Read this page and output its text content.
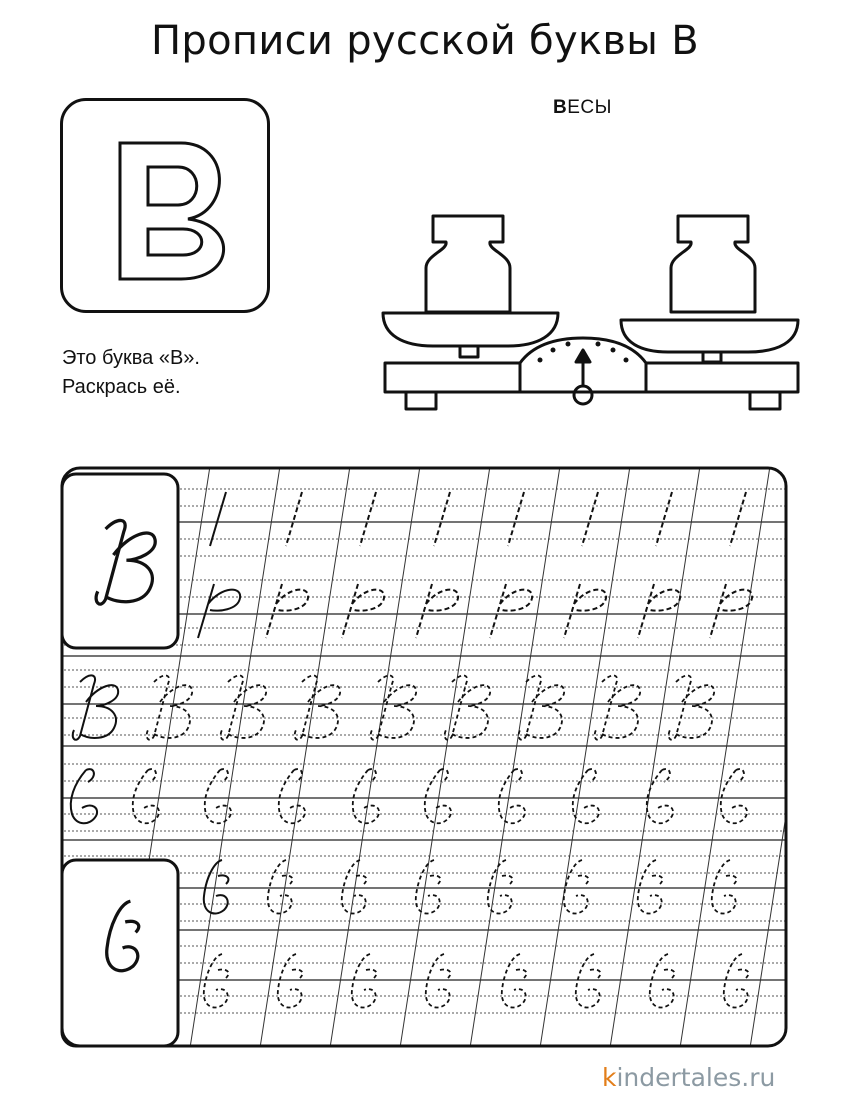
Прописи русской буквы В
Это буква «В».
Раскрась её.
ВЕСЫ
kindertales.ru
